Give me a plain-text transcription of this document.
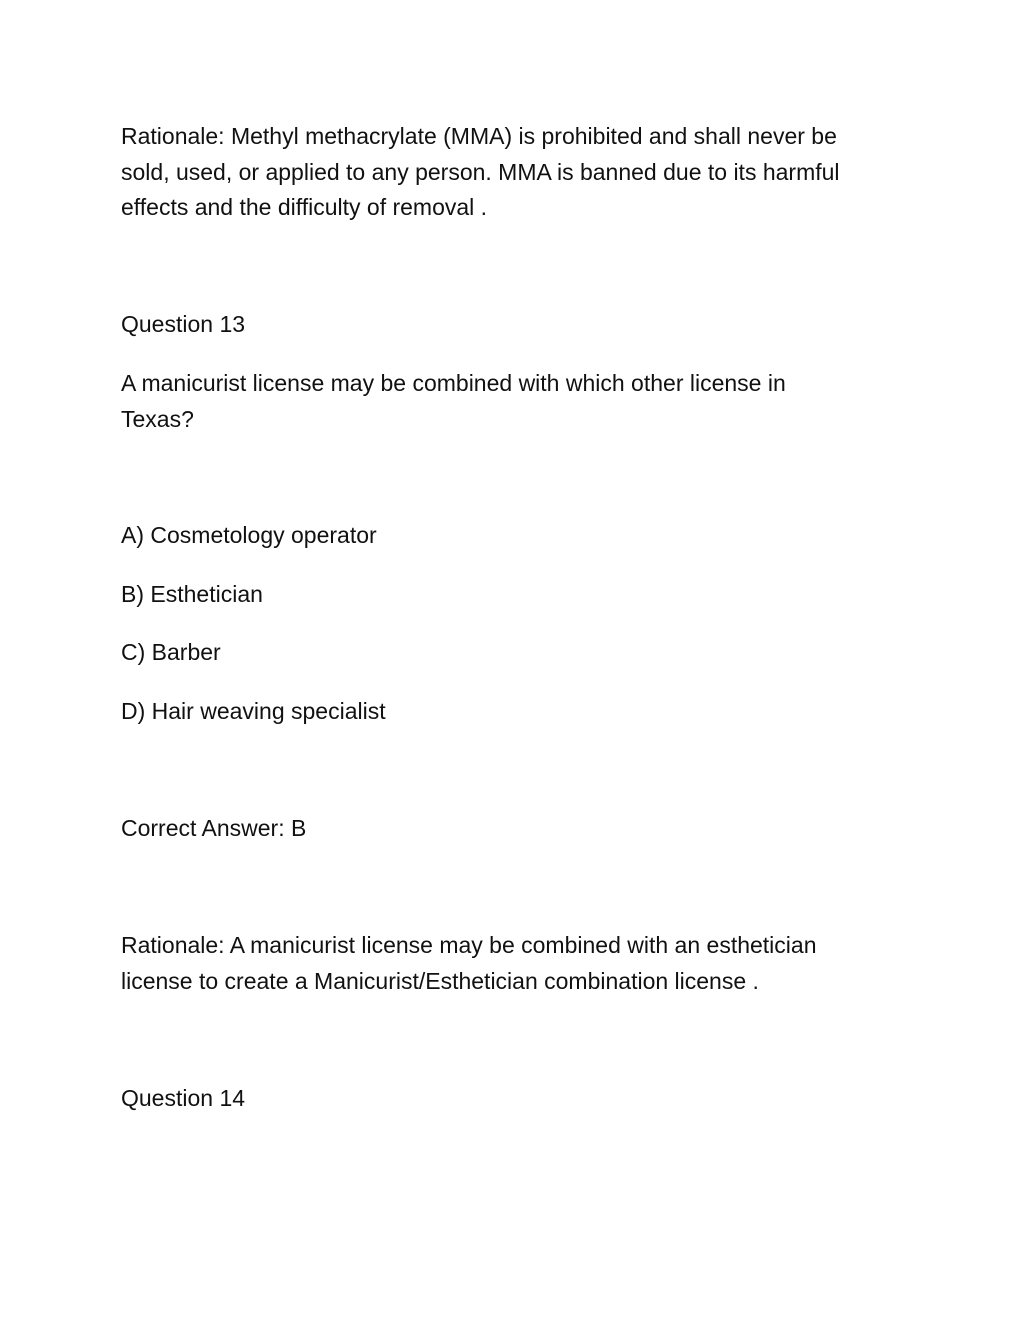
Rationale: Methyl methacrylate (MMA) is prohibited and shall never be
sold, used, or applied to any person. MMA is banned due to its harmful
effects and the difficulty of removal .

Question 13

A manicurist license may be combined with which other license in
Texas?

A) Cosmetology operator

B) Esthetician

C) Barber

D) Hair weaving specialist

Correct Answer: B

Rationale: A manicurist license may be combined with an esthetician
license to create a Manicurist/Esthetician combination license .

Question 14
